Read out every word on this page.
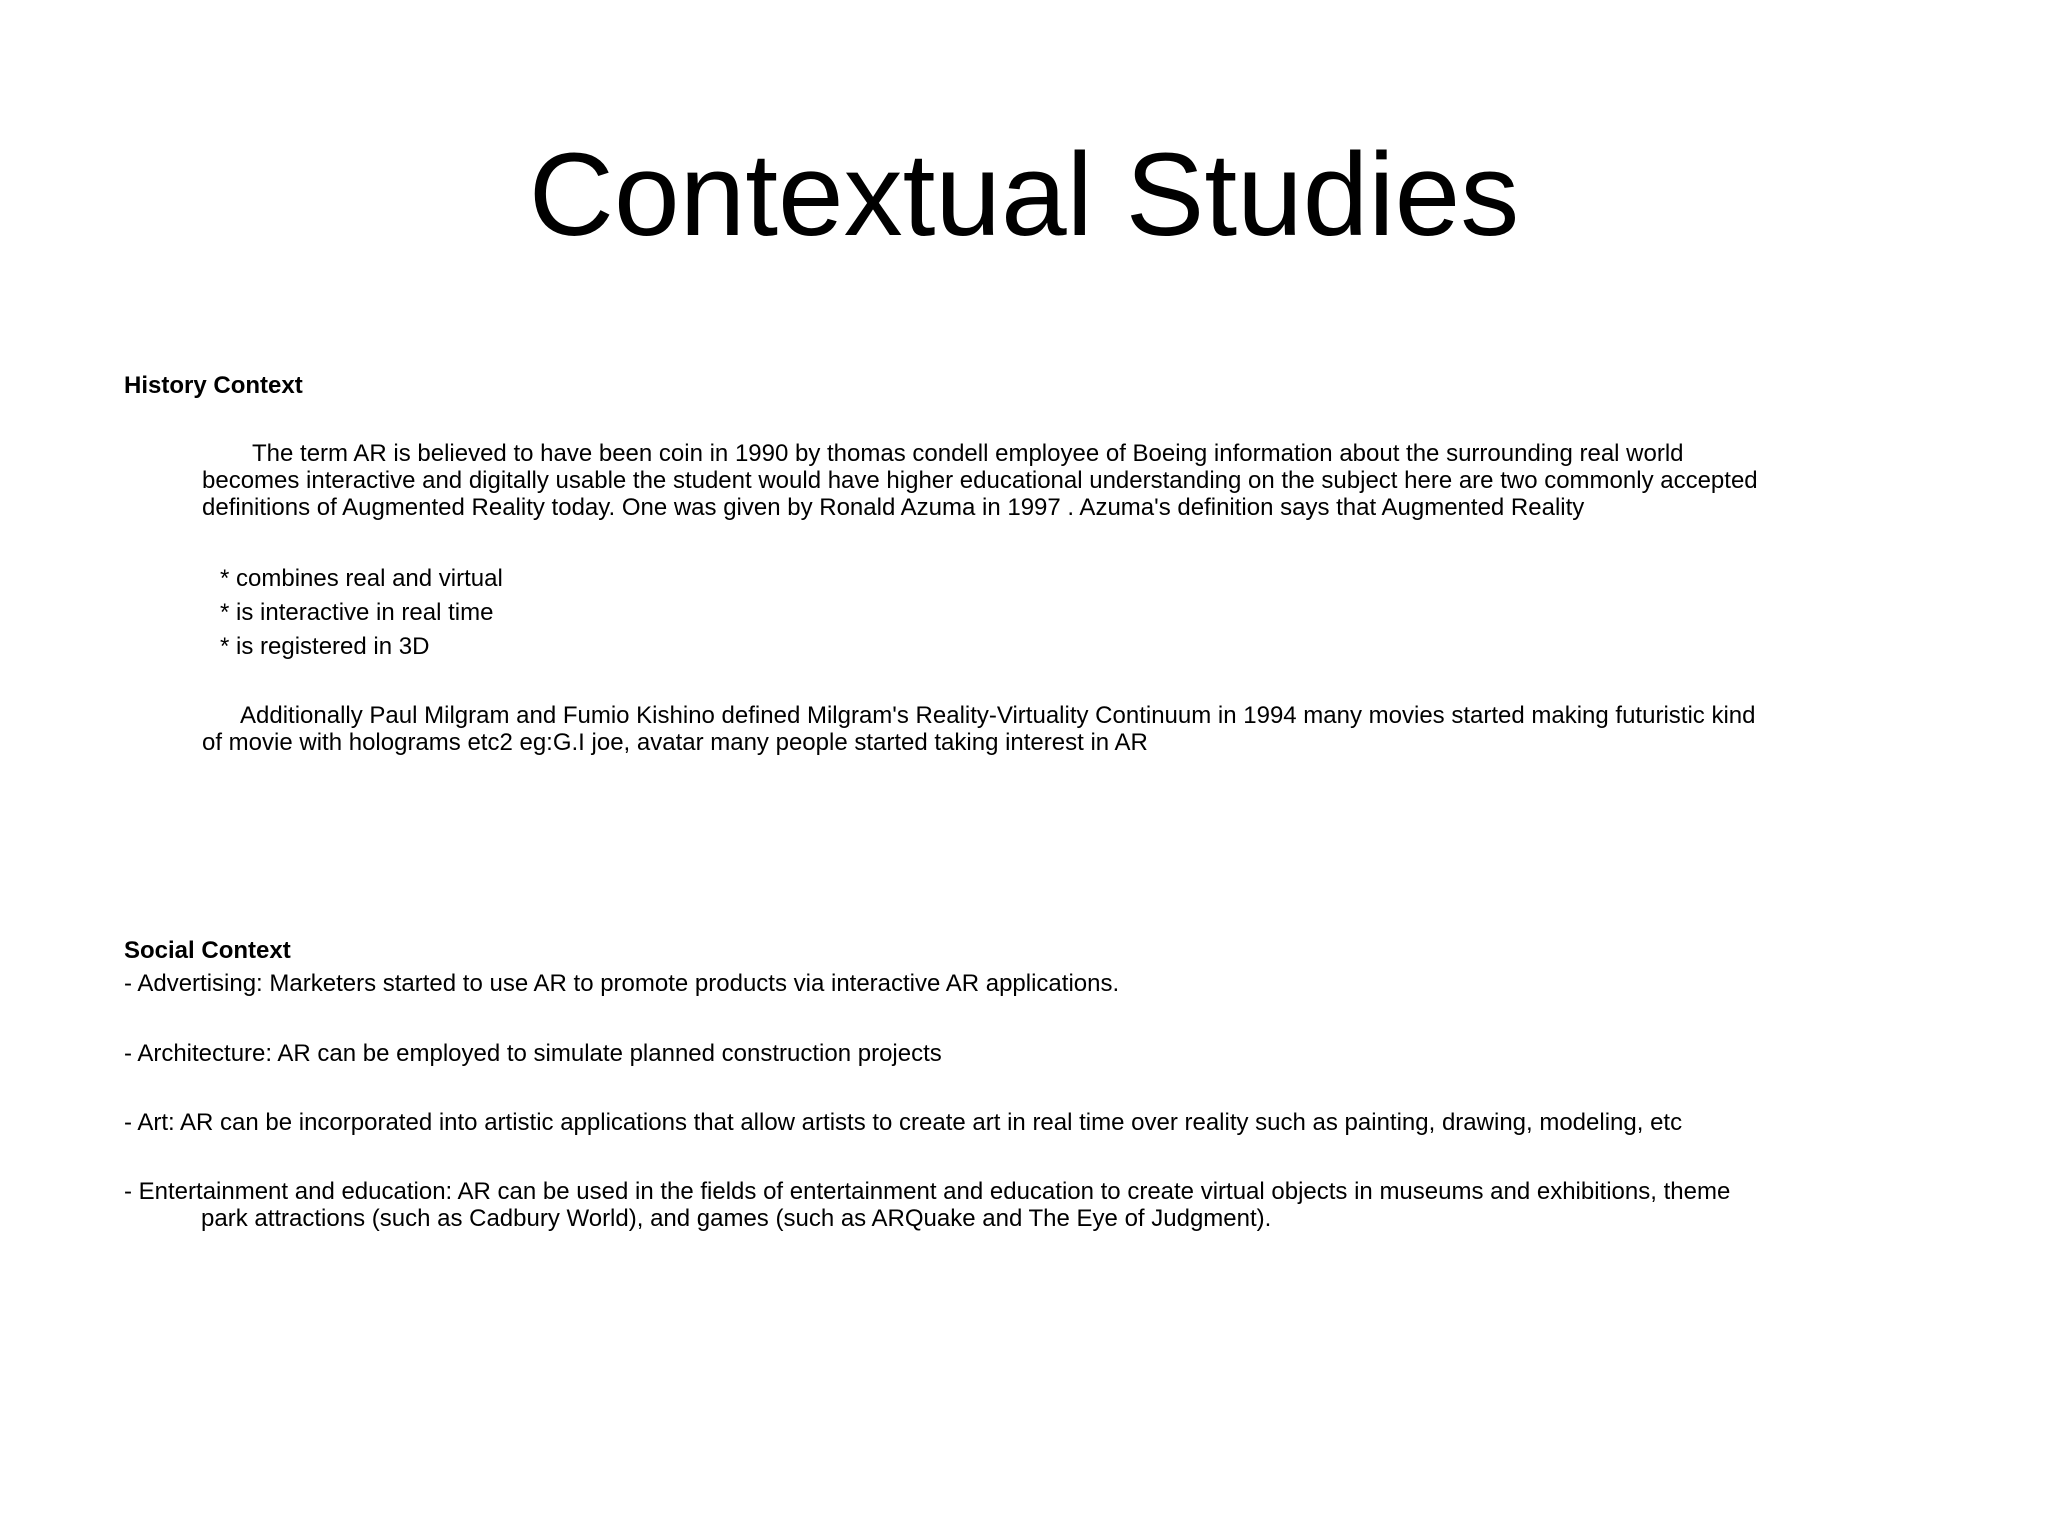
Contextual Studies
History Context

The term AR is believed to have been coin in 1990 by thomas condell employee of Boeing information about the surrounding real world
becomes interactive and digitally usable the student would have higher educational understanding on the subject here are two commonly accepted
definitions of Augmented Reality today. One was given by Ronald Azuma in 1997 . Azuma's definition says that Augmented Reality

* combines real and virtual
* is interactive in real time
* is registered in 3D

Additionally Paul Milgram and Fumio Kishino defined Milgram's Reality-Virtuality Continuum in 1994 many movies started making futuristic kind
of movie with holograms etc2 eg:G.I joe, avatar many people started taking interest in AR

Social Context

- Advertising: Marketers started to use AR to promote products via interactive AR applications.

- Architecture: AR can be employed to simulate planned construction projects

- Art: AR can be incorporated into artistic applications that allow artists to create art in real time over reality such as painting, drawing, modeling, etc

- Entertainment and education: AR can be used in the fields of entertainment and education to create virtual objects in museums and exhibitions, theme
park attractions (such as Cadbury World), and games (such as ARQuake and The Eye of Judgment).
